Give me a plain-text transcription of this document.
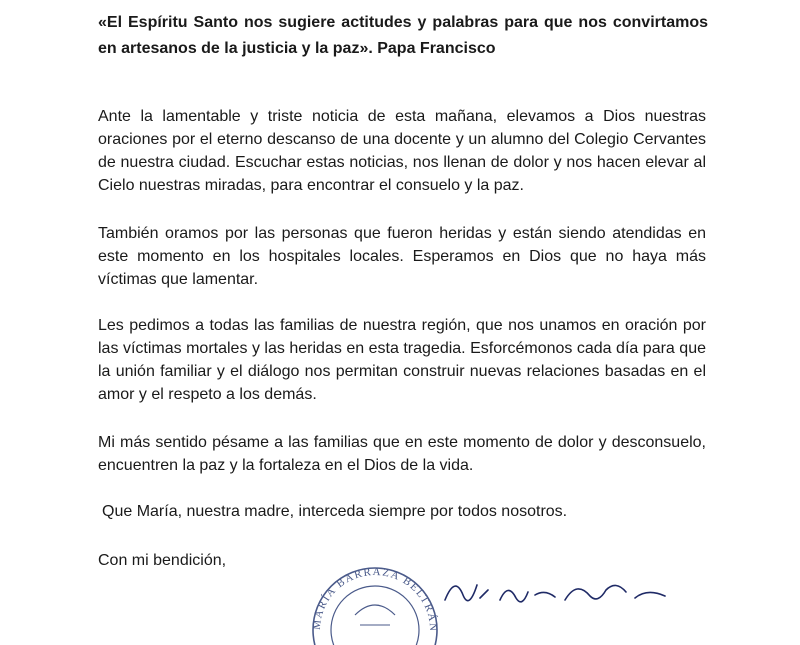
«El Espíritu Santo nos sugiere actitudes y palabras para que nos convirtamos en artesanos de la justicia y la paz». Papa Francisco

Ante la lamentable y triste noticia de esta mañana, elevamos a Dios nuestras oraciones por el eterno descanso de una docente y un alumno del Colegio Cervantes de nuestra ciudad. Escuchar estas noticias, nos llenan de dolor y nos hacen elevar al Cielo nuestras miradas, para encontrar el consuelo y la paz.

También oramos por las personas que fueron heridas y están siendo atendidas en este momento en los hospitales locales. Esperamos en Dios que no haya más víctimas que lamentar.

Les pedimos a todas las familias de nuestra región, que nos unamos en oración por las víctimas mortales y las heridas en esta tragedia. Esforcémonos cada día para que la unión familiar y el diálogo nos permitan construir nuevas relaciones basadas en el amor y el respeto a los demás.

Mi más sentido pésame a las familias que en este momento de dolor y desconsuelo, encuentren la paz y la fortaleza en el Dios de la vida.

Que María, nuestra madre, interceda siempre por todos nosotros.

Con mi bendición,

MARÍA BARRAZA BELTRÁN
